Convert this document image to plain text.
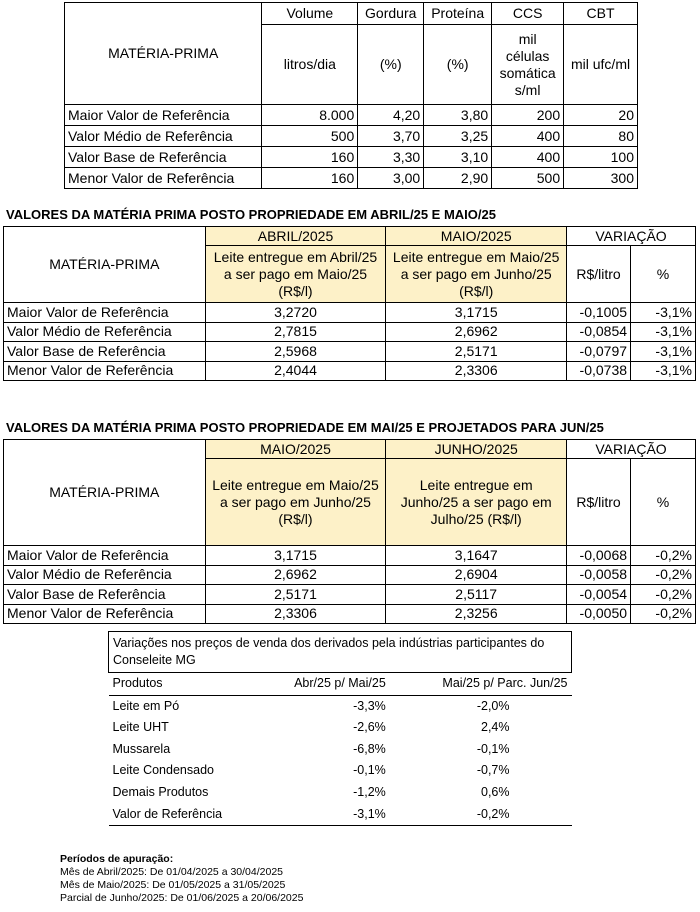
MATÉRIA-PRIMA	Volume	Gordura	Proteína	CCS	CBT
	litros/dia	(%)	(%)	mil células somática s/ml	mil ufc/ml
Maior Valor de Referência	8.000	4,20	3,80	200	20
Valor Médio de Referência	500	3,70	3,25	400	80
Valor Base de Referência	160	3,30	3,10	400	100
Menor Valor de Referência	160	3,00	2,90	500	300
VALORES DA MATÉRIA PRIMA POSTO PROPRIEDADE EM ABRIL/25 E MAIO/25
MATÉRIA-PRIMA	ABRIL/2025	MAIO/2025	VARIAÇÃO	
	Leite entregue em Abril/25 a ser pago em Maio/25 (R$/l)	Leite entregue em Maio/25 a ser pago em Junho/25 (R$/l)	R$/litro	%
Maior Valor de Referência	3,2720	3,1715	-0,1005	-3,1%
Valor Médio de Referência	2,7815	2,6962	-0,0854	-3,1%
Valor Base de Referência	2,5968	2,5171	-0,0797	-3,1%
Menor Valor de Referência	2,4044	2,3306	-0,0738	-3,1%
VALORES DA MATÉRIA PRIMA POSTO PROPRIEDADE EM MAI/25 E PROJETADOS PARA JUN/25
MATÉRIA-PRIMA	MAIO/2025	JUNHO/2025	VARIAÇÃO	
	Leite entregue em Maio/25 a ser pago em Junho/25 (R$/l)	Leite entregue em Junho/25 a ser pago em Julho/25 (R$/l)	R$/litro	%
Maior Valor de Referência	3,1715	3,1647	-0,0068	-0,2%
Valor Médio de Referência	2,6962	2,6904	-0,0058	-0,2%
Valor Base de Referência	2,5171	2,5117	-0,0054	-0,2%
Menor Valor de Referência	2,3306	2,3256	-0,0050	-0,2%
Variações nos preços de venda dos derivados pela indústrias participantes do Conseleite MG		
Produtos	Abr/25 p/ Mai/25	Mai/25 p/ Parc. Jun/25
Leite em Pó	-3,3%	-2,0%
Leite UHT	-2,6%	2,4%
Mussarela	-6,8%	-0,1%
Leite Condensado	-0,1%	-0,7%
Demais Produtos	-1,2%	0,6%
Valor de Referência	-3,1%	-0,2%
Períodos de apuração:
Mês de Abril/2025: De 01/04/2025 a 30/04/2025
Mês de Maio/2025: De 01/05/2025 a 31/05/2025
Parcial de Junho/2025: De 01/06/2025 a 20/06/2025
